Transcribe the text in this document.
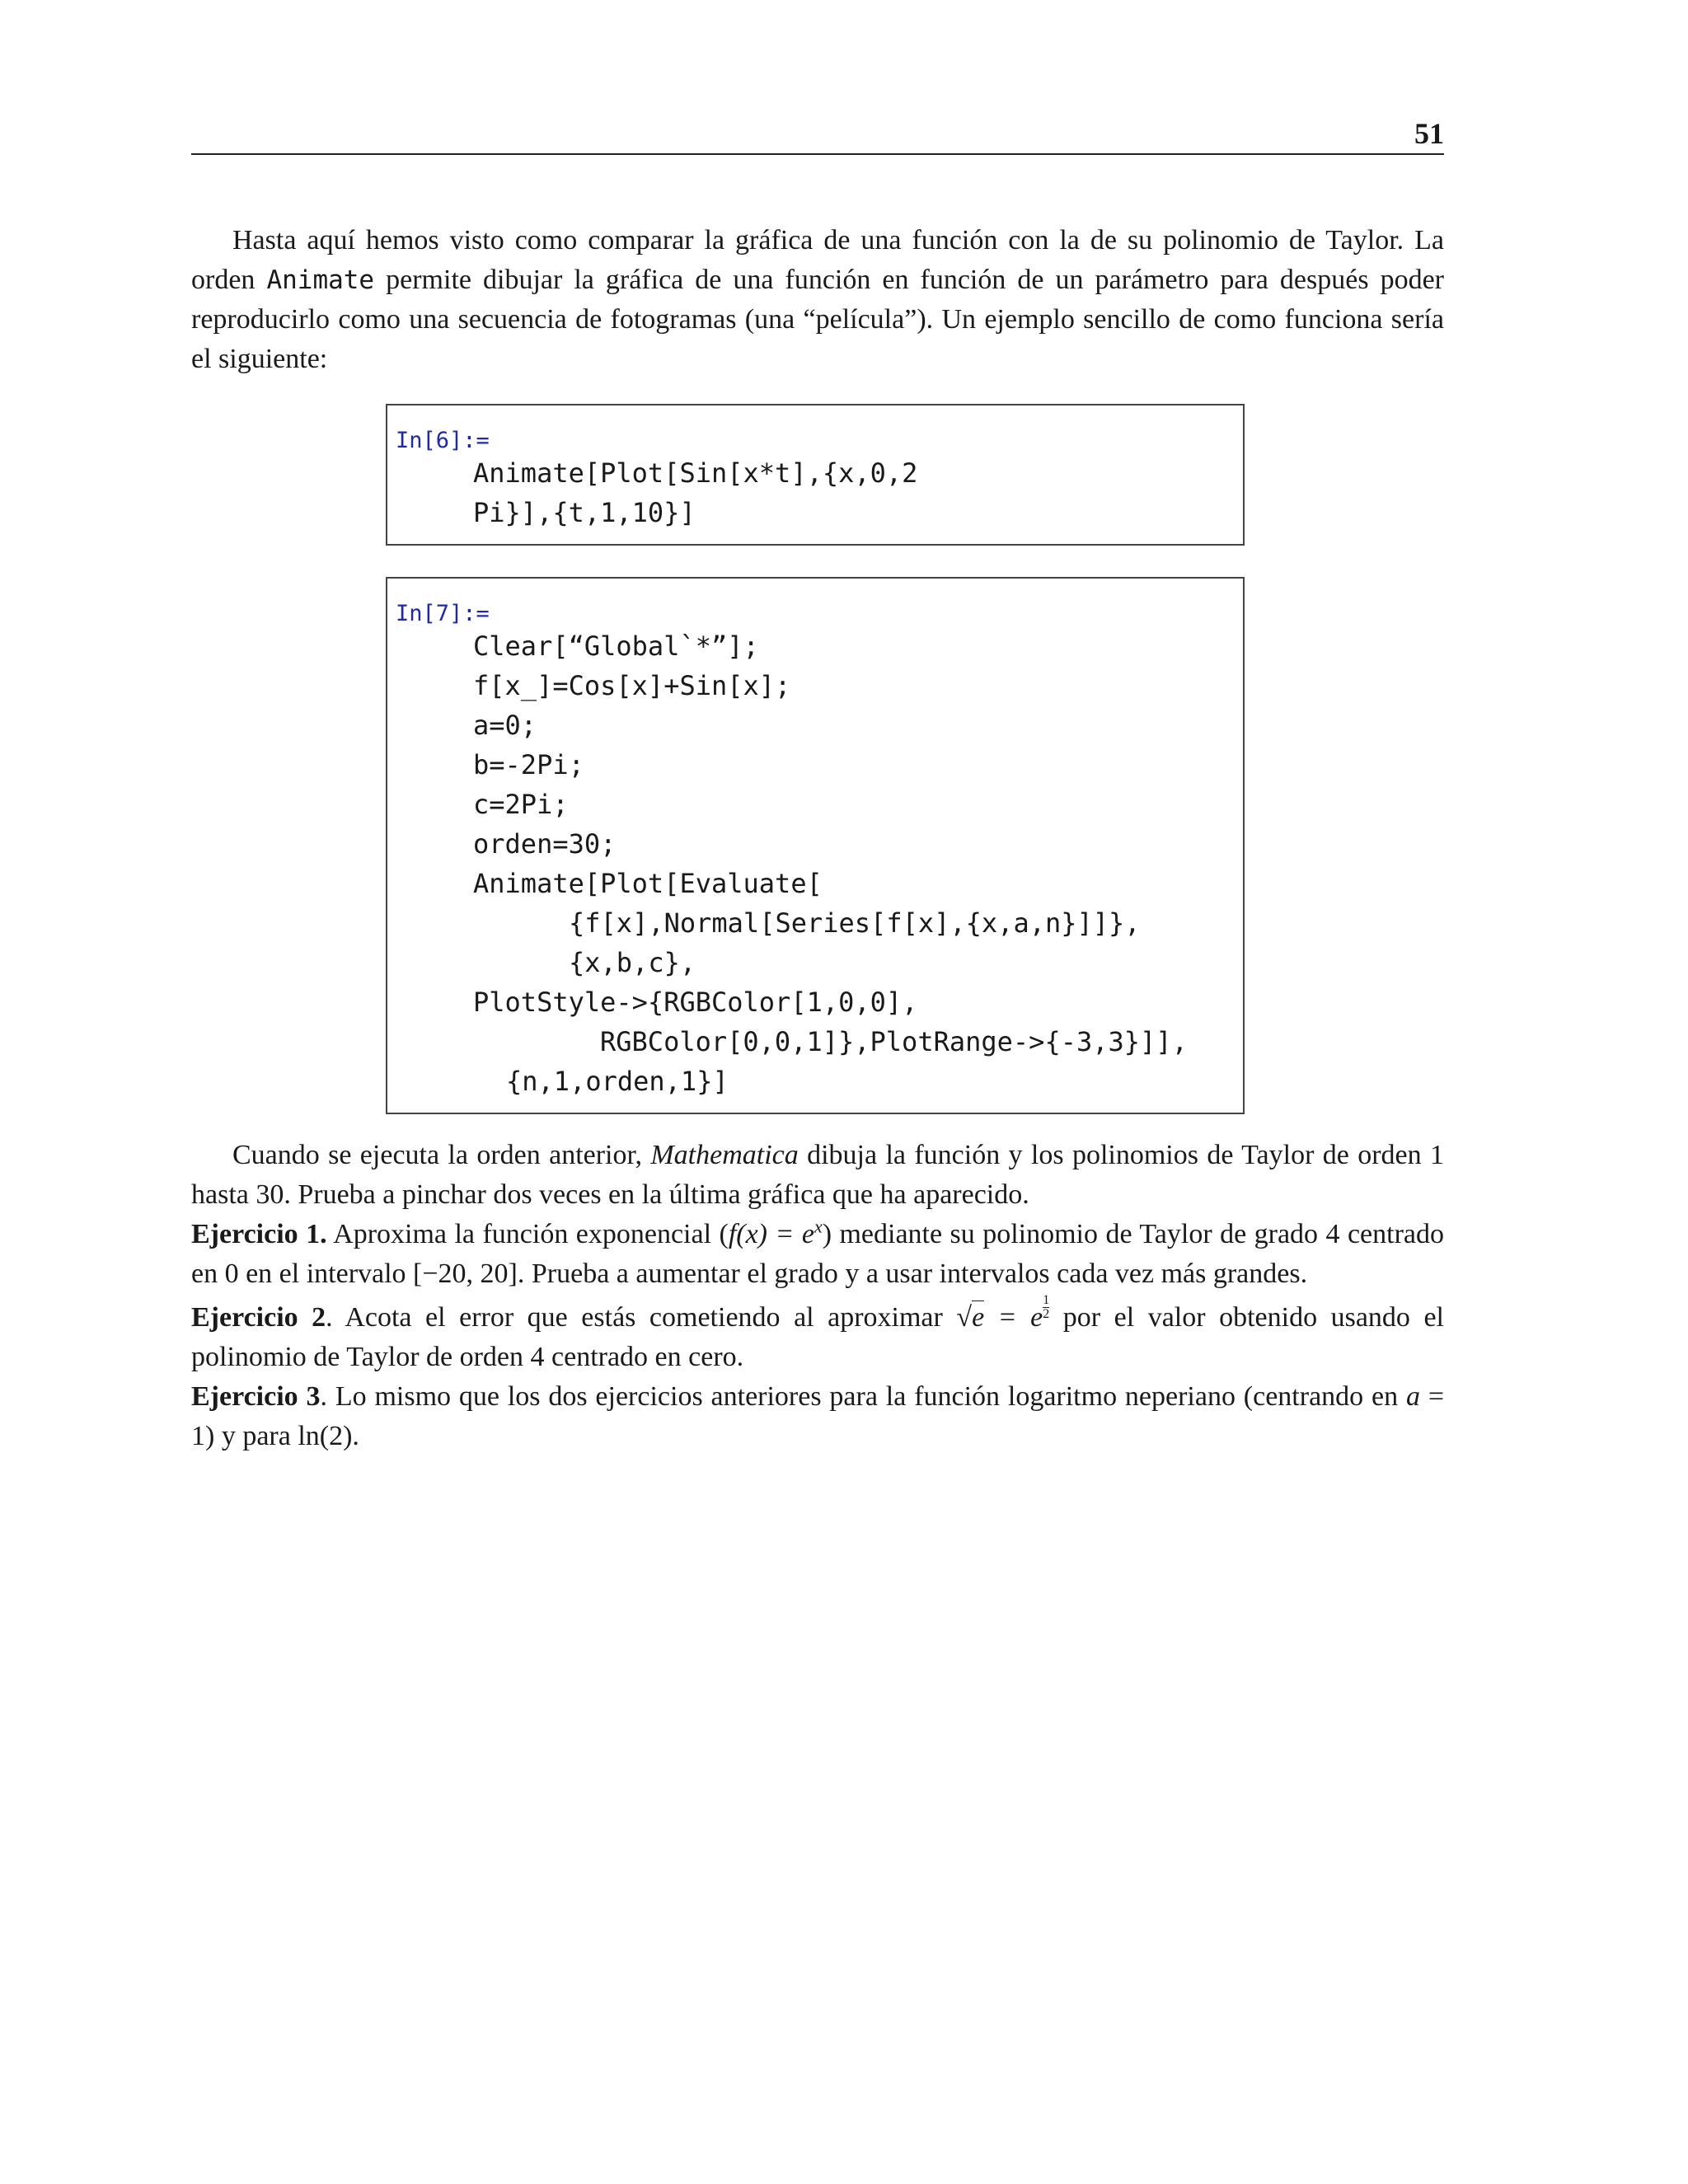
51

Hasta aquí hemos visto como comparar la gráfica de una función con la de su polinomio de Taylor. La orden Animate permite dibujar la gráfica de una función en función de un parámetro para después poder reproducirlo como una secuencia de fotogramas (una “película”). Un ejemplo sencillo de como funciona sería el siguiente:

In[6]:=
Animate[Plot[Sin[x*t],{x,0,2
Pi}],{t,1,10}]
In[7]:=
Clear[“Global`*”];
f[x_]=Cos[x]+Sin[x];
a=0;
b=-2Pi;
c=2Pi;
orden=30;
Animate[Plot[Evaluate[
{f[x],Normal[Series[f[x],{x,a,n}]]},
{x,b,c},
PlotStyle->{RGBColor[1,0,0],
RGBColor[0,0,1]},PlotRange->{-3,3}]],
{n,1,orden,1}]

Cuando se ejecuta la orden anterior, Mathematica dibuja la función y los polinomios de Taylor de orden 1 hasta 30. Prueba a pinchar dos veces en la última gráfica que ha aparecido.

Ejercicio 1. Aproxima la función exponencial $(f(x) = e^x)$ mediante su polinomio de Taylor de grado 4 centrado en 0 en el intervalo [−20, 20]. Prueba a aumentar el grado y a usar intervalos cada vez más grandes.

Ejercicio 2. Acota el error que estás cometiendo al aproximar √e = e $\frac{1}{2}$ por el valor obtenido usando el polinomio de Taylor de orden 4 centrado en cero.

Ejercicio 3. Lo mismo que los dos ejercicios anteriores para la función logaritmo neperiano (centrando en a = 1) y para ln(2).
